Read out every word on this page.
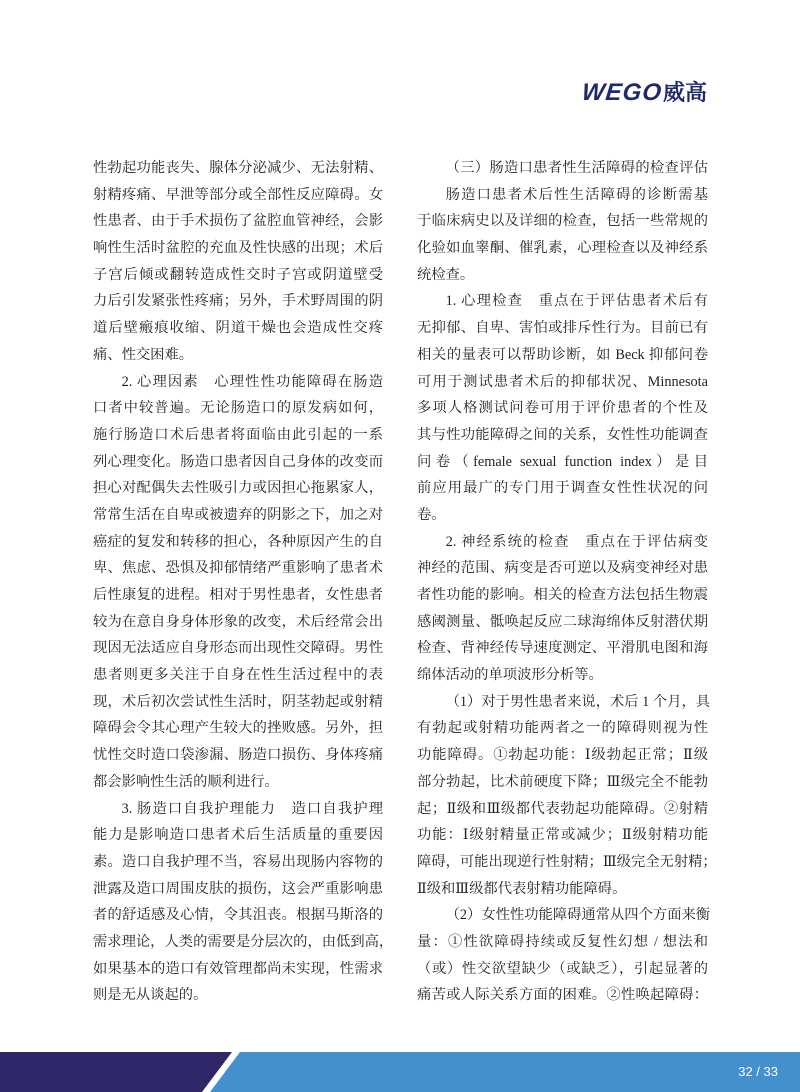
WEGO威高
性勃起功能丧失、腺体分泌减少、无法射精、
射精疼痛、早泄等部分或全部性反应障碍。女
性患者、由于手术损伤了盆腔血管神经，会影
响性生活时盆腔的充血及性快感的出现；术后
子宫后倾或翻转造成性交时子宫或阴道壁受
力后引发紧张性疼痛；另外，手术野周围的阴
道后壁瘢痕收缩、阴道干燥也会造成性交疼
痛、性交困难。
2. 心理因素　心理性性功能障碍在肠造
口者中较普遍。无论肠造口的原发病如何，
施行肠造口术后患者将面临由此引起的一系
列心理变化。肠造口患者因自己身体的改变而
担心对配偶失去性吸引力或因担心拖累家人，
常常生活在自卑或被遗弃的阴影之下，加之对
癌症的复发和转移的担心，各种原因产生的自
卑、焦虑、恐惧及抑郁情绪严重影响了患者术
后性康复的进程。相对于男性患者，女性患者
较为在意自身身体形象的改变，术后经常会出
现因无法适应自身形态而出现性交障碍。男性
患者则更多关注于自身在性生活过程中的表
现，术后初次尝试性生活时，阴茎勃起或射精
障碍会令其心理产生较大的挫败感。另外，担
忧性交时造口袋渗漏、肠造口损伤、身体疼痛
都会影响性生活的顺利进行。
3. 肠造口自我护理能力　造口自我护理
能力是影响造口患者术后生活质量的重要因
素。造口自我护理不当，容易出现肠内容物的
泄露及造口周围皮肤的损伤，这会严重影响患
者的舒适感及心情，令其沮丧。根据马斯洛的
需求理论，人类的需要是分层次的，由低到高，
如果基本的造口有效管理都尚未实现，性需求
则是无从谈起的。
（三）肠造口患者性生活障碍的检查评估
肠造口患者术后性生活障碍的诊断需基
于临床病史以及详细的检查，包括一些常规的
化验如血睾酮、催乳素，心理检查以及神经系
统检查。
1. 心理检查　重点在于评估患者术后有
无抑郁、自卑、害怕或排斥性行为。目前已有
相关的量表可以帮助诊断，如 Beck 抑郁问卷
可用于测试患者术后的抑郁状况、Minnesota
多项人格测试问卷可用于评价患者的个性及
其与性功能障碍之间的关系，女性性功能调查
问卷（female sexual function index）是目
前应用最广的专门用于调查女性性状况的问
卷。
2. 神经系统的检查　重点在于评估病变
神经的范围、病变是否可逆以及病变神经对患
者性功能的影响。相关的检查方法包括生物震
感阈测量、骶唤起反应二球海绵体反射潜伏期
检查、背神经传导速度测定、平滑肌电图和海
绵体活动的单项波形分析等。
（1）对于男性患者来说，术后 1 个月，具
有勃起或射精功能两者之一的障碍则视为性
功能障碍。①勃起功能：Ⅰ级勃起正常；Ⅱ级
部分勃起，比术前硬度下降；Ⅲ级完全不能勃
起；Ⅱ级和Ⅲ级都代表勃起功能障碍。②射精
功能：Ⅰ级射精量正常或减少；Ⅱ级射精功能
障碍，可能出现逆行性射精；Ⅲ级完全无射精；
Ⅱ级和Ⅲ级都代表射精功能障碍。
（2）女性性功能障碍通常从四个方面来衡
量：①性欲障碍持续或反复性幻想 / 想法和
（或）性交欲望缺少（或缺乏），引起显著的
痛苦或人际关系方面的困难。②性唤起障碍：
32 / 33
